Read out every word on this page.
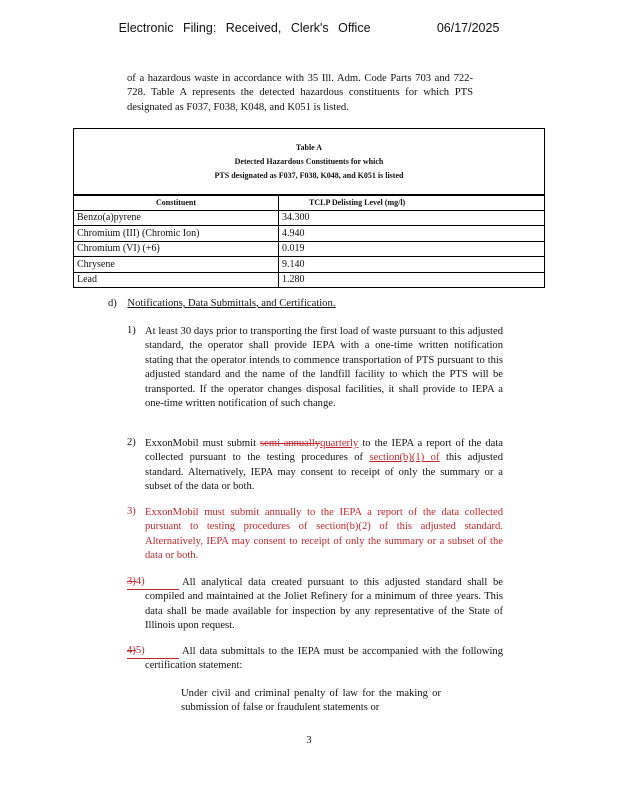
Electronic Filing: Received, Clerk's Office	06/17/2025
of a hazardous waste in accordance with 35 Ill. Adm. Code Parts 703 and 722-728. Table A represents the detected hazardous constituents for which PTS designated as F037, F038, K048, and K051 is listed.
Table A
Detected Hazardous Constituents for which
PTS designated as F037, F038, K048, and K051 is listed
Constituent	TCLP Delisting Level (mg/l)
Benzo(a)pyrene	34.300
Chromium (III) (Chromic Ion)	4.940
Chromium (VI) (+6)	0.019
Chrysene	9.140
Lead	1.280
d) Notifications, Data Submittals, and Certification.
1) At least 30 days prior to transporting the first load of waste pursuant to this adjusted standard, the operator shall provide IEPA with a one-time written notification stating that the operator intends to commence transportation of PTS pursuant to this adjusted standard and the name of the landfill facility to which the PTS will be transported. If the operator changes disposal facilities, it shall provide to IEPA a one-time written notification of such change.
2) ExxonMobil must submit semi-annuallyquarterly to the IEPA a report of the data collected pursuant to the testing procedures of section(b)(1) of this adjusted standard. Alternatively, IEPA may consent to receipt of only the summary or a subset of the data or both.
3) ExxonMobil must submit annually to the IEPA a report of the data collected pursuant to testing procedures of section(b)(2) of this adjusted standard. Alternatively, IEPA may consent to receipt of only the summary or a subset of the data or both.
3)4)	All analytical data created pursuant to this adjusted standard shall be compiled and maintained at the Joliet Refinery for a minimum of three years. This data shall be made available for inspection by any representative of the State of Illinois upon request.
4)5)	All data submittals to the IEPA must be accompanied with the following certification statement:
Under civil and criminal penalty of law for the making or submission of false or fraudulent statements or
3
